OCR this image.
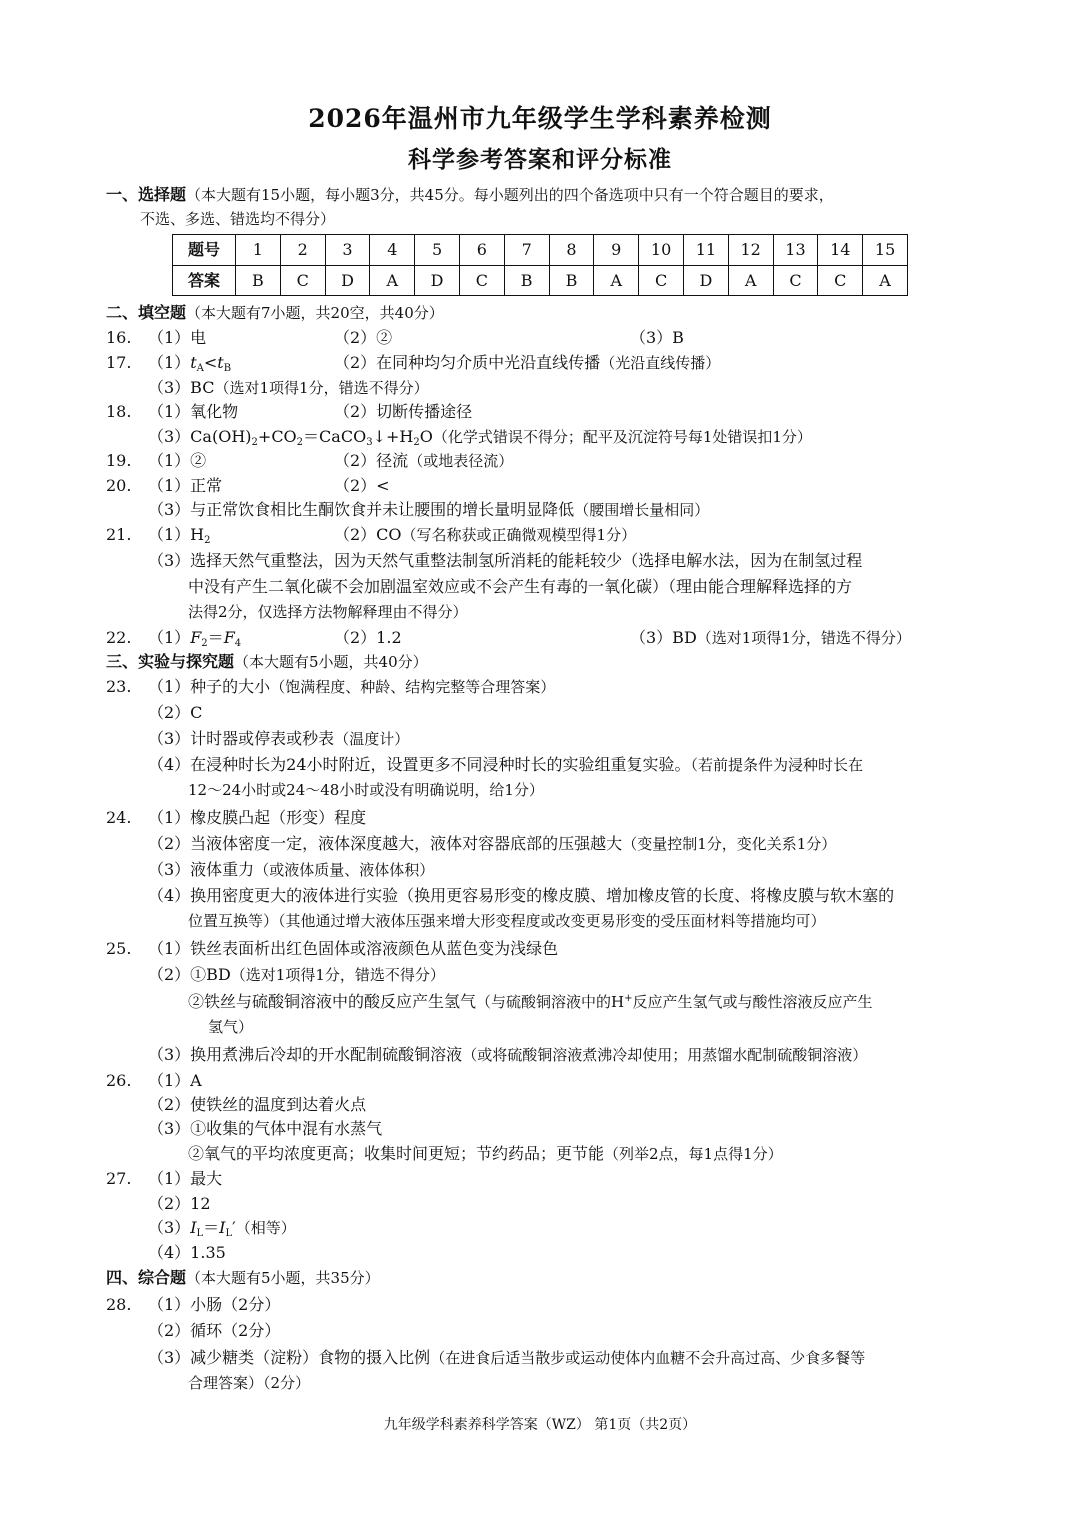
2026年温州市九年级学生学科素养检测
科学参考答案和评分标准
一、选择题（本大题有15小题，每小题3分，共45分。每小题列出的四个备选项中只有一个符合题目的要求，
不选、多选、错选均不得分）
题号	1	2	3	4	5	6	7	8	9	10	11	12	13	14	15
答案	B	C	D	A	D	C	B	B	A	C	D	A	C	C	A
二、填空题（本大题有7小题，共20空，共40分）
16. （1）电	（2）②	（3）B
17. $(1)t_A<t_B$	（2）在同种均匀介质中光沿直线传播（光沿直线传播）
（3）BC（选对1项得1分，错选不得分）
18. （1）氧化物	（2）切断传播途径
$(3)Ca(OH)_2+CO_2=CaCO_3↓+H_2O$（化学式错误不得分；配平及沉淀符号每1处错误扣1分）
19. （1）②	（2）径流（或地表径流）
20. （1）正常	（2）<
（3）与正常饮食相比生酮饮食并未让腰围的增长量明显降低（腰围增长量相同）
21. $(1)H_2$	（2）CO（写名称获或正确微观模型得1分）
（3）选择天然气重整法，因为天然气重整法制氢所消耗的能耗较少（选择电解水法，因为在制氢过程
中没有产生二氧化碳不会加剧温室效应或不会产生有毒的一氧化碳）（理由能合理解释选择的方
法得2分，仅选择方法物解释理由不得分）
22. $(1)F_2=F_4$	（2）1.2	（3）BD（选对1项得1分，错选不得分）
三、实验与探究题（本大题有5小题，共40分）
23. （1）种子的大小（饱满程度、种龄、结构完整等合理答案）
（2）C
（3）计时器或停表或秒表（温度计）
（4）在浸种时长为24小时附近，设置更多不同浸种时长的实验组重复实验。（若前提条件为浸种时长在
12～24小时或24～48小时或没有明确说明，给1分）
24. （1）橡皮膜凸起（形变）程度
（2）当液体密度一定，液体深度越大，液体对容器底部的压强越大（变量控制1分，变化关系1分）
（3）液体重力（或液体质量、液体体积）
（4）换用密度更大的液体进行实验（换用更容易形变的橡皮膜、增加橡皮管的长度、将橡皮膜与软木塞的
位置互换等）（其他通过增大液体压强来增大形变程度或改变更易形变的受压面材料等措施均可）
25. （1）铁丝表面析出红色固体或溶液颜色从蓝色变为浅绿色
（2）①BD（选对1项得1分，错选不得分）
②铁丝与硫酸铜溶液中的酸反应产生氢气（与硫酸铜溶液中的H+反应产生氢气或与酸性溶液反应产生
氢气）
（3）换用煮沸后冷却的开水配制硫酸铜溶液（或将硫酸铜溶液煮沸冷却使用；用蒸馏水配制硫酸铜溶液）
26. （1）A
（2）使铁丝的温度到达着火点
（3）①收集的气体中混有水蒸气
②氧气的平均浓度更高；收集时间更短；节约药品；更节能（列举2点，每1点得1分）
27. （1）最大
（2）12
$(3)I_L=I_L'$（相等）
（4）1.35
四、综合题（本大题有5小题，共35分）
28. （1）小肠（2分）
（2）循环（2分）
（3）减少糖类（淀粉）食物的摄入比例（在进食后适当散步或运动使体内血糖不会升高过高、少食多餐等
合理答案）（2分）
九年级学科素养科学答案（WZ） 第1页（共2页）
